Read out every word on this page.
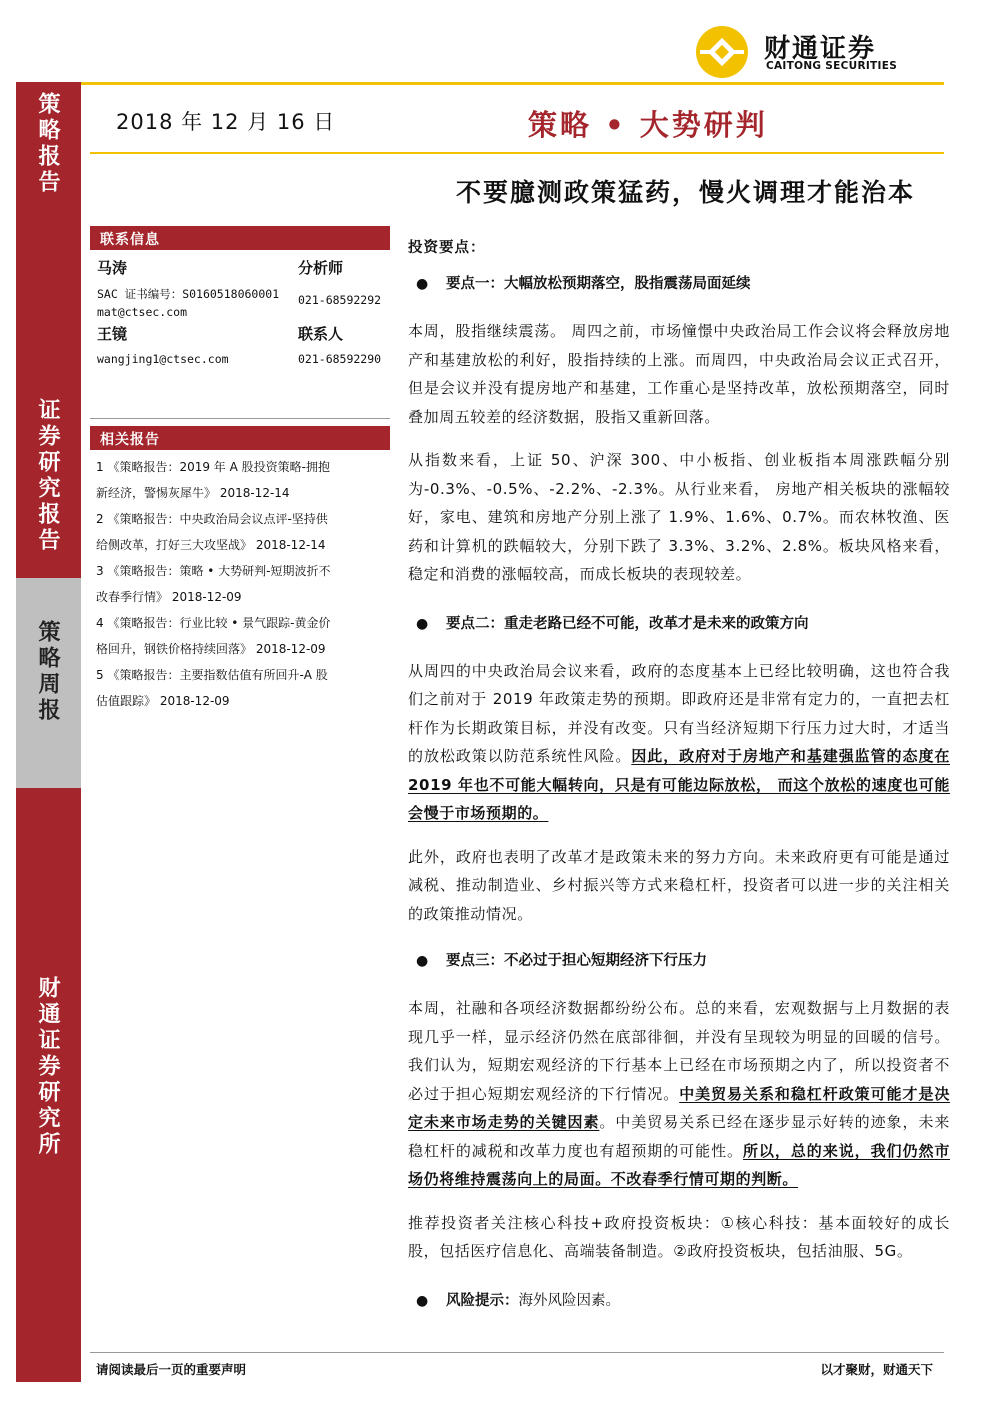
财通证券
CAITONG SECURITIES
策略报告
证券研究报告
策略周报
财通证券研究所
2018 年 12 月 16 日	策略 • 大势研判
不要臆测政策猛药，慢火调理才能治本
联系信息
马涛	分析师
SAC 证书编号：S0160518060001 021-68592292
mat@ctsec.com
王镜	联系人
wangjing1@ctsec.com	021-68592290
相关报告
1 《策略报告：2019 年 A 股投资策略-拥抱
新经济，警惕灰犀牛》 2018-12-14
2 《策略报告：中央政治局会议点评-坚持供
给侧改革，打好三大攻坚战》 2018-12-14
3 《策略报告：策略 • 大势研判-短期波折不
改春季行情》 2018-12-09
4 《策略报告：行业比较 • 景气跟踪-黄金价
格回升，钢铁价格持续回落》 2018-12-09
5 《策略报告：主要指数估值有所回升-A 股
估值跟踪》 2018-12-09
投资要点：
● 要点一：大幅放松预期落空，股指震荡局面延续

本周，股指继续震荡。 周四之前，市场憧憬中央政治局工作会议将会释放房地产和基建放松的利好，股指持续的上涨。而周四，中央政治局会议正式召开，但是会议并没有提房地产和基建，工作重心是坚持改革，放松预期落空，同时叠加周五较差的经济数据，股指又重新回落。

从指数来看，上证 50、沪深 300、中小板指、创业板指本周涨跌幅分别为-0.3%、-0.5%、-2.2%、-2.3%。从行业来看， 房地产相关板块的涨幅较好，家电、建筑和房地产分别上涨了 1.9%、1.6%、0.7%。而农林牧渔、医药和计算机的跌幅较大，分别下跌了 3.3%、3.2%、2.8%。板块风格来看，稳定和消费的涨幅较高，而成长板块的表现较差。

● 要点二：重走老路已经不可能，改革才是未来的政策方向

从周四的中央政治局会议来看，政府的态度基本上已经比较明确，这也符合我们之前对于 2019 年政策走势的预期。即政府还是非常有定力的，一直把去杠杆作为长期政策目标，并没有改变。只有当经济短期下行压力过大时，才适当的放松政策以防范系统性风险。因此，政府对于房地产和基建强监管的态度在 2019 年也不可能大幅转向，只是有可能边际放松， 而这个放松的速度也可能会慢于市场预期的。

此外，政府也表明了改革才是政策未来的努力方向。未来政府更有可能是通过减税、推动制造业、乡村振兴等方式来稳杠杆，投资者可以进一步的关注相关的政策推动情况。

● 要点三：不必过于担心短期经济下行压力

本周，社融和各项经济数据都纷纷公布。总的来看，宏观数据与上月数据的表现几乎一样，显示经济仍然在底部徘徊，并没有呈现较为明显的回暖的信号。我们认为，短期宏观经济的下行基本上已经在市场预期之内了，所以投资者不必过于担心短期宏观经济的下行情况。中美贸易关系和稳杠杆政策可能才是决定未来市场走势的关键因素。中美贸易关系已经在逐步显示好转的迹象，未来稳杠杆的减税和改革力度也有超预期的可能性。所以，总的来说，我们仍然市场仍将维持震荡向上的局面。不改春季行情可期的判断。

推荐投资者关注核心科技+政府投资板块：①核心科技：基本面较好的成长股，包括医疗信息化、高端装备制造。②政府投资板块，包括油服、5G。

● 风险提示：海外风险因素。
请阅读最后一页的重要声明	以才聚财，财通天下
